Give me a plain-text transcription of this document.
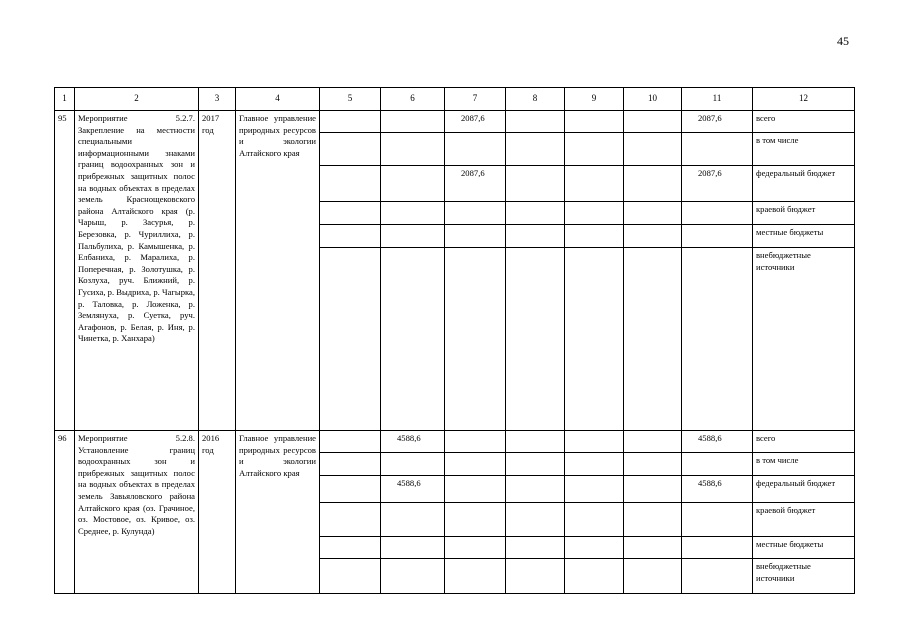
45
1	2	3	4	5	6	7	8	9	10	11	12
95	Мероприятие 5.2.7. Закрепление на местности специальными информационными знаками границ водоохранных зон и прибрежных защитных полос на водных объектах в пределах земель Краснощековского района Алтайского края (р. Чарыш, р. Засурья, р. Березовка, р. Чуриллиха, р. Пальбулиха, р. Камышенка, р. Елбаниха, р. Маралиха, р. Поперечная, р. Золотушка, р. Козлуха, руч. Ближний, р. Гусиха, р. Выдриха, р. Чагырка, р. Таловка, р. Ложенка, р. Землянуха, р. Суетка, руч. Агафонов, р. Белая, р. Иня, р. Чинетка, р. Ханхара)	2017 год	Главное управление природных ресурсов и экологии Алтайского края			2087,6				2087,6	всего
											в том числе
						2087,6				2087,6	федеральный бюджет
											краевой бюджет
											местные бюджеты
											внебюджетные источники
96	Мероприятие 5.2.8. Установление границ водоохранных зон и прибрежных защитных полос на водных объектах в пределах земель Завьяловского района Алтайского края (оз. Грачиное, оз. Мостовое, оз. Кривое, оз. Среднее, р. Кулунда)	2016 год	Главное управление природных ресурсов и экологии Алтайского края		4588,6					4588,6	всего
											в том числе
					4588,6					4588,6	федеральный бюджет
											краевой бюджет
											местные бюджеты
											внебюджетные источники
